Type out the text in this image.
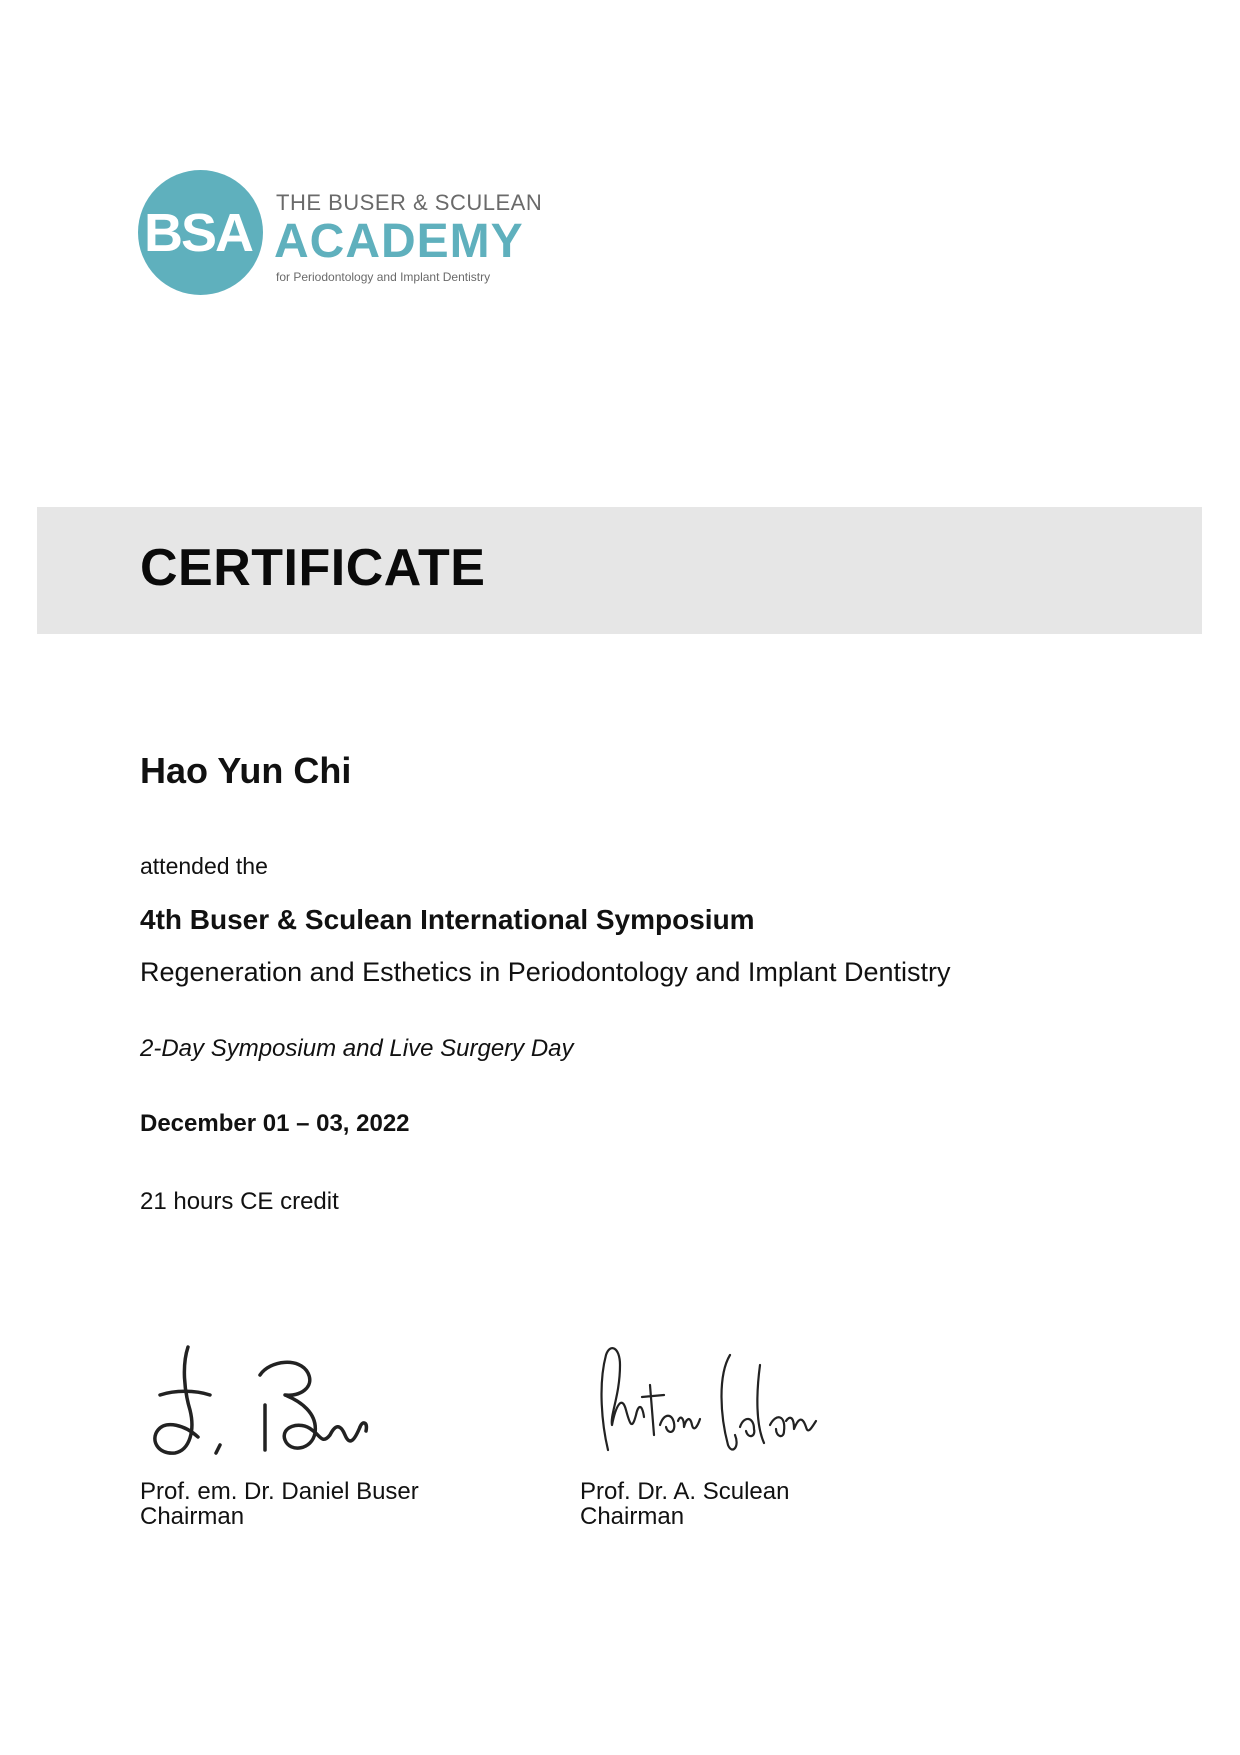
BSA
THE BUSER & SCULEAN
ACADEMY
for Periodontology and Implant Dentistry
CERTIFICATE
Hao Yun Chi
attended the
4th Buser & Sculean International Symposium
Regeneration and Esthetics in Periodontology and Implant Dentistry
2-Day Symposium and Live Surgery Day
December 01 – 03, 2022
21 hours CE credit
Prof. em. Dr. Daniel Buser
Chairman
Prof. Dr. A. Sculean
Chairman
